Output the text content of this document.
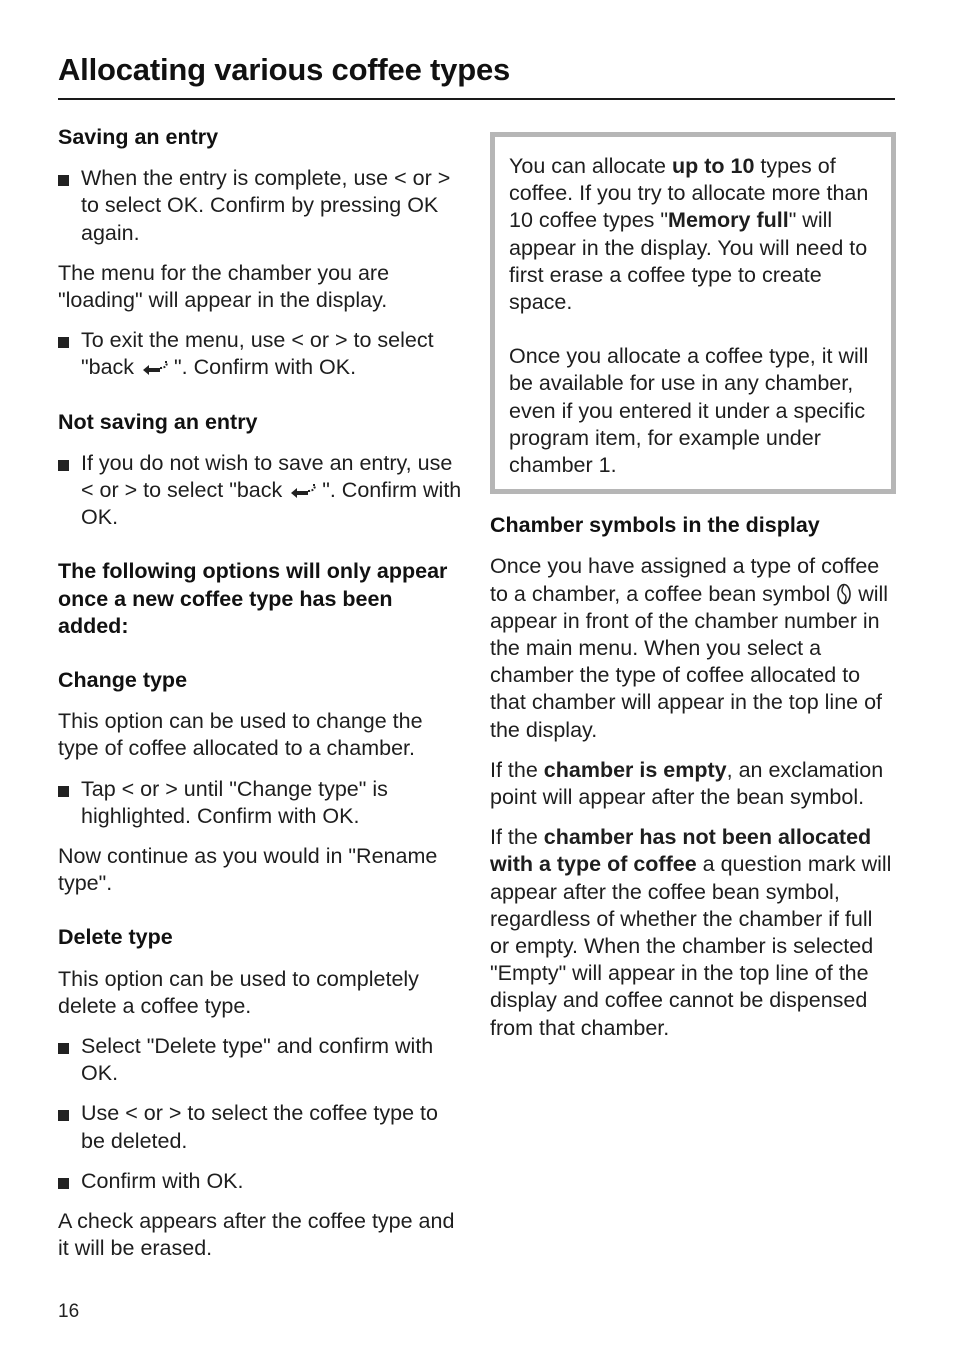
Allocating various coffee types
Saving an entry
When the entry is complete, use < or > to select OK. Confirm by pressing OK again.

The menu for the chamber you are "loading" will appear in the display.

To exit the menu, use < or > to select "back ". Confirm with OK.
Not saving an entry
If you do not wish to save an entry, use < or > to select "back ". Confirm with OK.
The following options will only appear once a new coffee type has been added:
Change type

This option can be used to change the type of coffee allocated to a chamber.

Tap < or > until "Change type" is highlighted. Confirm with OK.

Now continue as you would in "Rename type".

Delete type

This option can be used to completely delete a coffee type.

Select "Delete type" and confirm with OK.
Use < or > to select the coffee type to be deleted.
Confirm with OK.

A check appears after the coffee type and it will be erased.

You can allocate up to 10 types of coffee. If you try to allocate more than 10 coffee types "Memory full" will appear in the display. You will need to first erase a coffee type to create space.

Once you allocate a coffee type, it will be available for use in any chamber, even if you entered it under a specific program item, for example under chamber 1.

Chamber symbols in the display

Once you have assigned a type of coffee to a chamber, a coffee bean symbol  will appear in front of the chamber number in the main menu. When you select a chamber the type of coffee allocated to that chamber will appear in the top line of the display.

If the chamber is empty, an exclamation point will appear after the bean symbol.

If the chamber has not been allocated with a type of coffee a question mark will appear after the coffee bean symbol, regardless of whether the chamber if full or empty. When the chamber is selected "Empty" will appear in the top line of the display and coffee cannot be dispensed from that chamber.

16
